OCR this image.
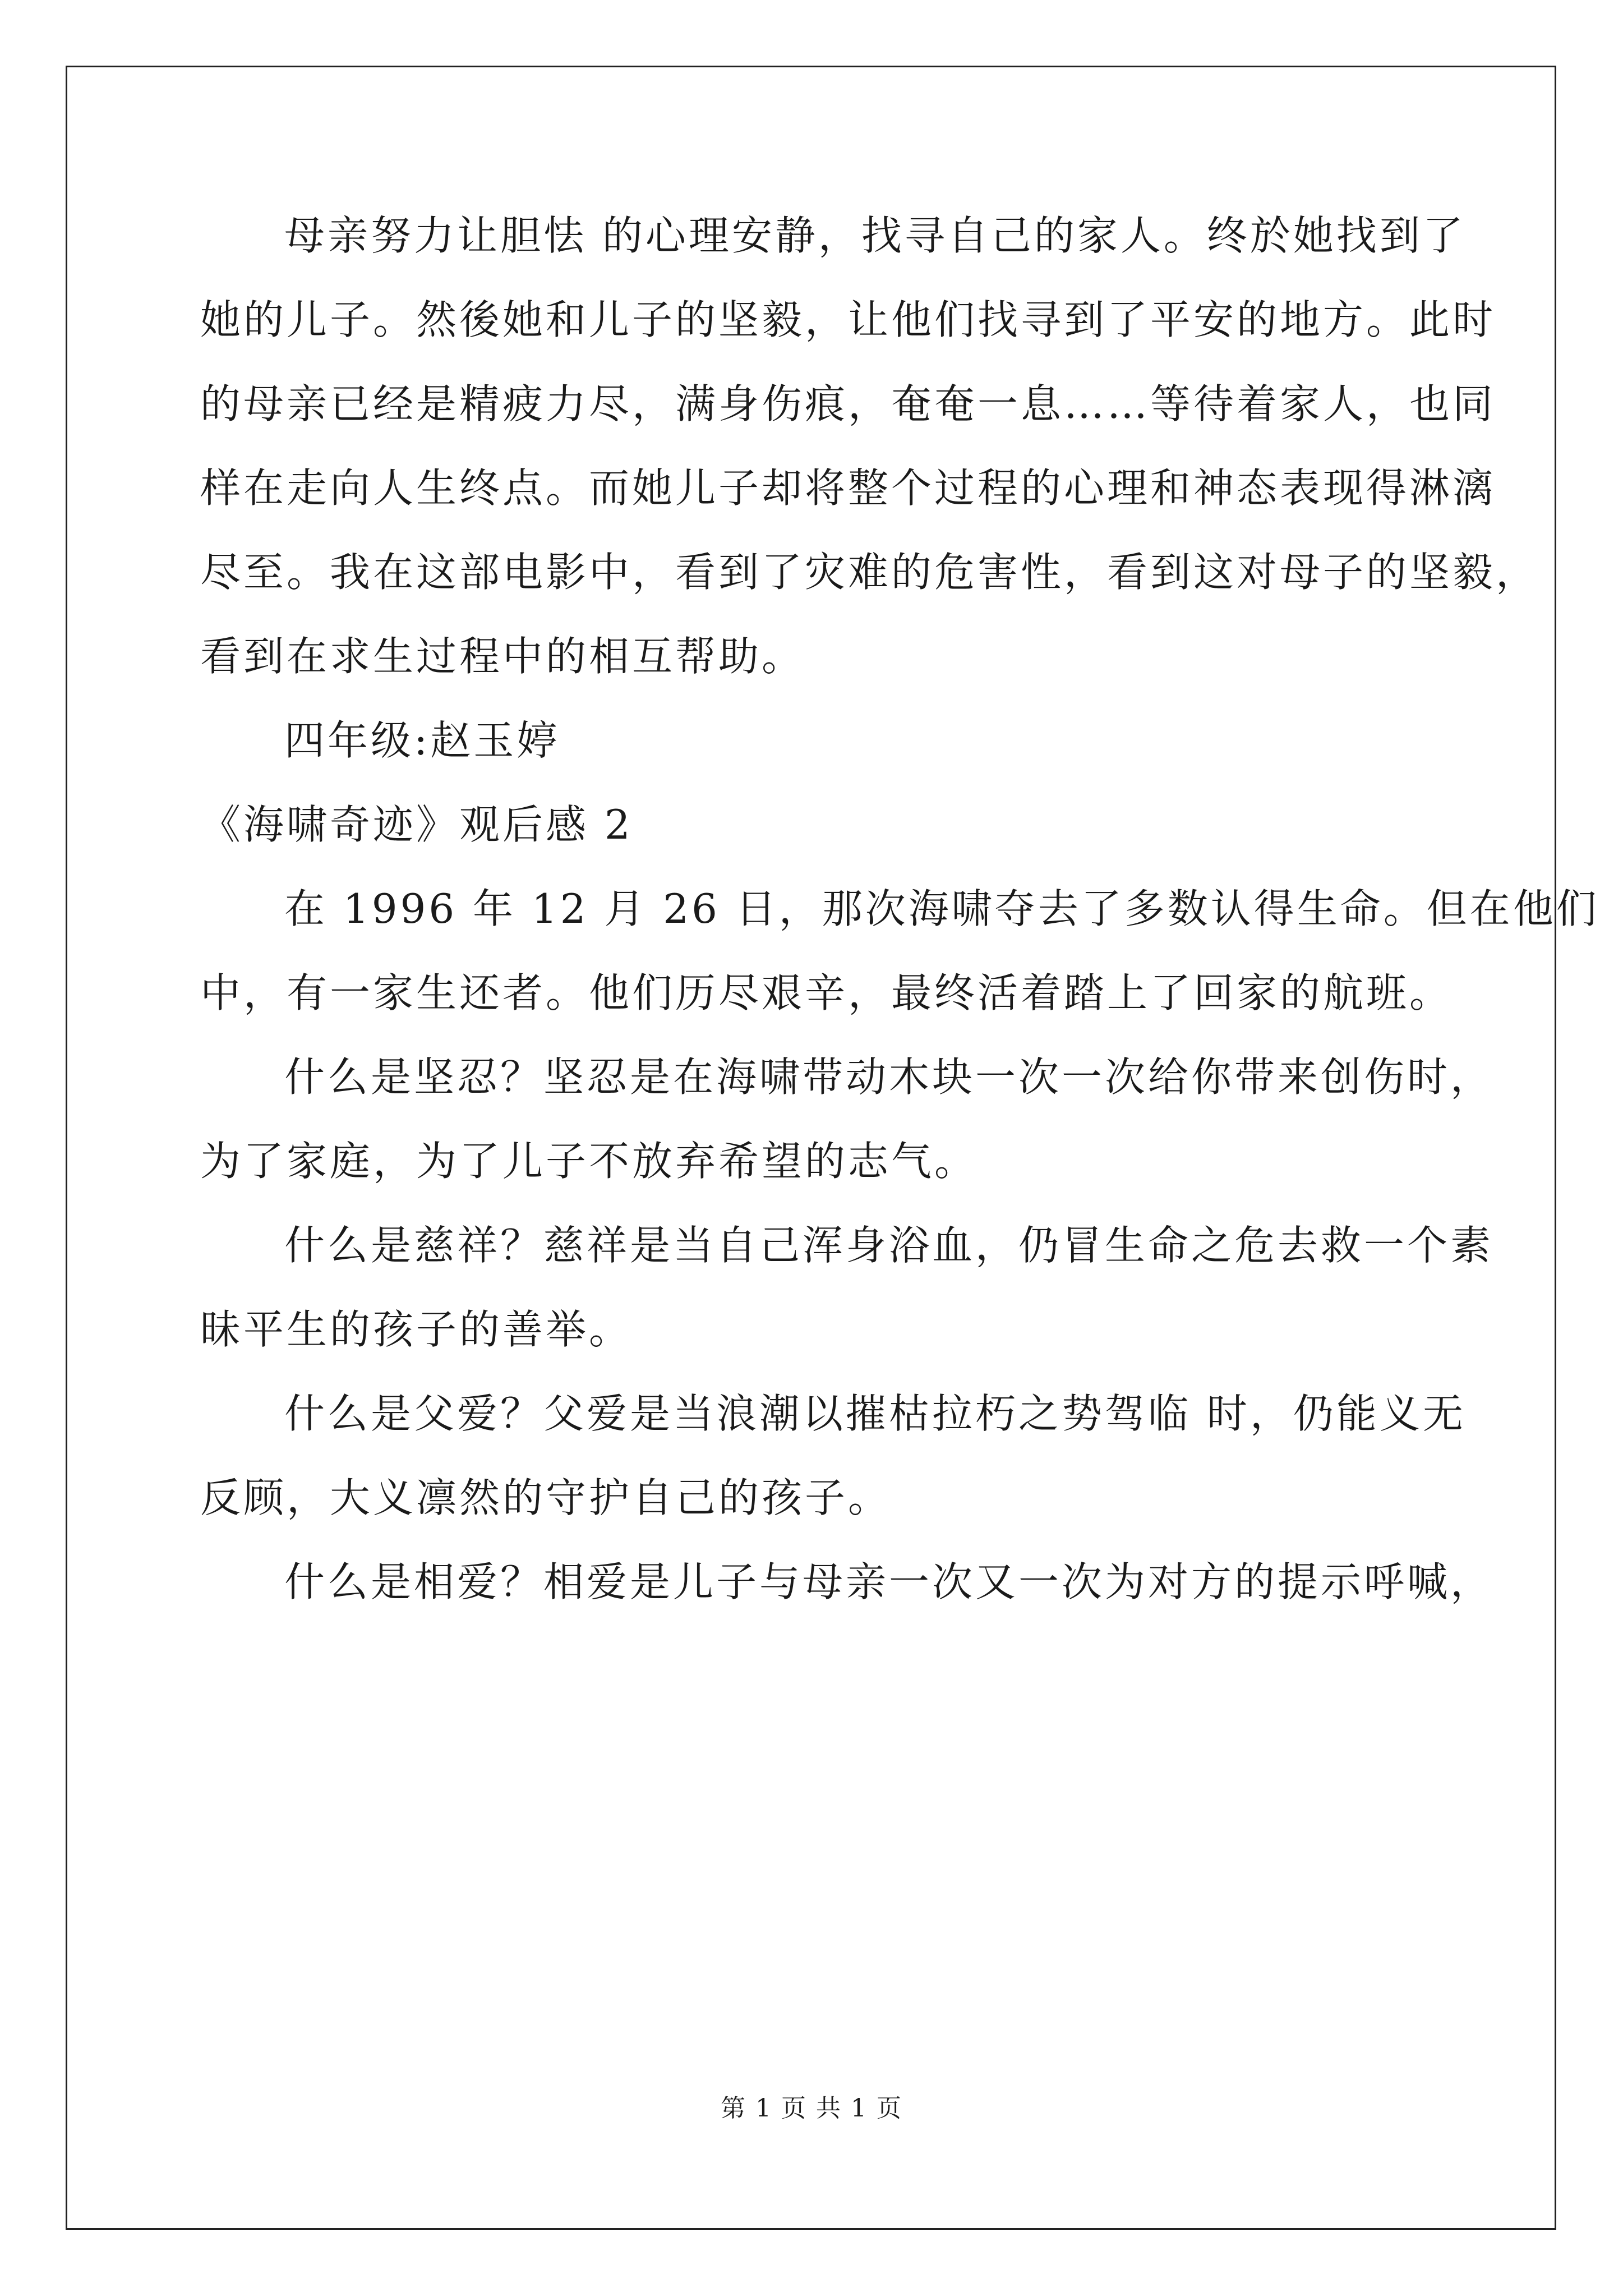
母亲努力让胆怯 的心理安静，找寻自己的家人。终於她找到了
她的儿子。然後她和儿子的坚毅，让他们找寻到了平安的地方。此时
的母亲已经是精疲力尽，满身伤痕，奄奄一息……等待着家人，也同
样在走向人生终点。而她儿子却将整个过程的心理和神态表现得淋漓
尽至。我在这部电影中，看到了灾难的危害性，看到这对母子的坚毅，
看到在求生过程中的相互帮助。
四年级:赵玉婷
《海啸奇迹》观后感 2
在 1996 年 12 月 26 日，那次海啸夺去了多数认得生命。但在他们
中，有一家生还者。他们历尽艰辛，最终活着踏上了回家的航班。
什么是坚忍？坚忍是在海啸带动木块一次一次给你带来创伤时，
为了家庭，为了儿子不放弃希望的志气。
什么是慈祥？慈祥是当自己浑身浴血，仍冒生命之危去救一个素
昧平生的孩子的善举。
什么是父爱？父爱是当浪潮以摧枯拉朽之势驾临 时，仍能义无
反顾，大义凛然的守护自己的孩子。
什么是相爱？相爱是儿子与母亲一次又一次为对方的提示呼喊，
第 1 页 共 1 页
